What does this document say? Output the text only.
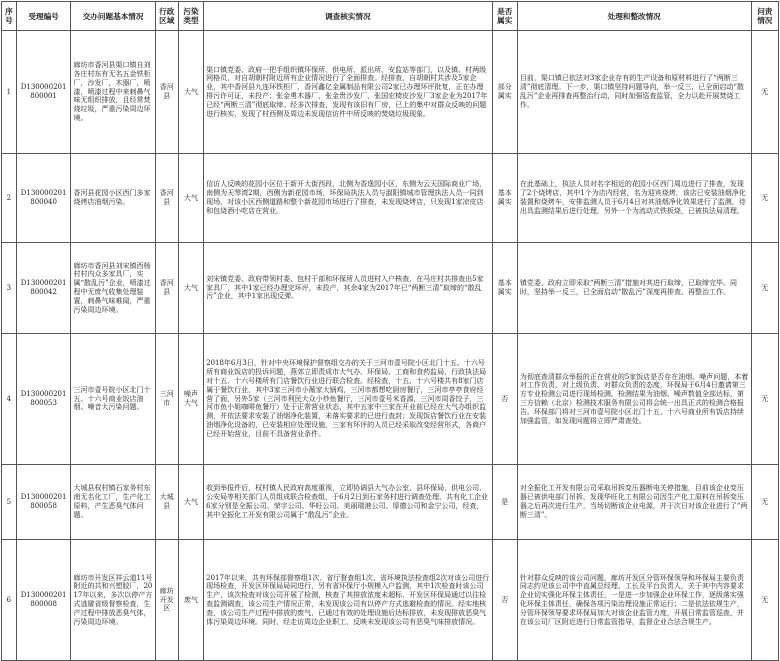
序号	受理编号	交办问题基本情况	行政区域	污染类型	调查核实情况	是否属实	处理和整改情况	问责情况
1	D130000201800001	廊坊市香河县渠口镇自刘各庄村东有无名五金铁柜厂，沙发厂，木器厂，喷漆，喷漆过程中来刺鼻气味无组织排放，且经常焚烧垃圾，严重污染周边环境。	香河县	大气	渠口镇党委、政府一把手组织镇环保所、供电所、派出所、安监站等部门，以及镇、村两级网格员，对自胡朝村附近所有企业情况进行了全面排查。经排查，自胡朝村共涉及5家企业，其中香河县九连环铁柜厂，香河鑫亿金属制品有限公司2家已办理环评批复，正在办理排污许可证，未投产；张金勇木器厂、张金贵沙发厂、张国宏椅皮沙发厂3家企业为2017年已经“两断三清”彻底取缔。经多次排查，发现有该旧有厂房，已上的集中对群众反映的问题进行核实，发现了村西侧及周边未发现信访件中所反映的焚烧垃圾现象。	部分属实	目前，渠口镇已依法对3家企业存有的生产设备和原材料进行了“两断三清”彻底清理。下一步，渠口镇坚持问题导向，举一反三，已全面启动“散乱污”企业再排查再整治行动，同时加强巡查监管，全力以赴开展焚烧工作。	无
2	D130000201800040	香河县花园小区西门多家烧烤店油烟污染。	香河县	大气	信访人反映的花园小区位于新开大街西段，北侧为香逸园小区，东侧为云天国际商业广场，南侧为天琴湾2期，西侧为新花园市场，环保局执法人员与淑阳镇城市管理执法人员一同到现场，对该小区西侧道路和整个新花园市场进行了排查，未发现烧烤店，只发现1家凉皮店和包烧酒小吃店在营业。	基本属实	在此基础上，执法人员对名字相近的花园小区西门周边进行了排查，发现了2个烧烤店，其中1个为店内经营，名为迎宾烧烤，该店已安装油烟净化装置和烧烤车，安排监测人员于6月4日对其油烟净化效果进行了监测，待出具监测结果后进行处理，另外一个为流动式铁板烧，已被执法局清理。	无
3	D130000201800042	廊坊市香河县刘宋镇西杨村村内众多家具厂，实属“散乱污”企业，喷漆过程中无废气收集处理装置，刺鼻气味难闻，严重污染周边环境。	香河县	大气	刘宋镇党委、政府带领村委、包村干部和环保所人员进村入户核查，在马庄村共排查出5家家具厂，其中1家已经办理完环评，未投产，其余4家为2017年已“两断三清”取缔的“散乱污”企业，其中1家出现反弹。	基本属实	镇党委、政府立即采取“两断三清”措施对其进行取缔，已取缔完毕。同时，坚持举一反三，已全面启动“散乱污”深度再排查、再整治工作。	无
4	D130000201800053	三河市壹号院小区北门十五、十六号商业饭店油烟、噪音大污染问题。	三河市	噪声大气	2018年6月3日，针对中央环境保护督察组交办的关于三河市壹号院小区北门十五、十六号所有商业饭店的投诉问题，燕郊立即责成市大气办、环保局、工商和食药监局，行政执法局对十五、十六号楼所有门店餐饮行业进行联合检查。经检查，十五、十六号楼共有8家门店属于餐饮行业，其中3家三河市小薇家大锅鸡，三河市都想吃厨房餐厅，三河市亭亭食府经营了面，另外5家（三河市利民大众小炒鱼餐厅，三河市壹号米香源，三河市周香饺子，三河市鱼小姐咖啡鱼餐厅）处于正常营业状态，其中五家中三家在开业前已经在大气办组织监测，并依法要求安装了油烟净化装置，未落实要求的已进行查封；发现饭店餐饮行业在安装油烟净化设备的，已安装相应处理设施，三家有环评的人员已经采取改变经营形式，各商户已经开始营业，目前不具备营业条件。	否	为彻底查清群众举报的正在营业的5家饭店是否存在油烟、噪声问题，本着对工作负责，对上级负责、对群众负责的态度，环保局于6月4日邀请第三方专业检测公司进行现场检测。检测结果为油烟、噪声数值全部达标，第三方信赖（北京）检测技术服务有限公司将会统一出具正式的检测合格报告。环保部门将对三河市壹号院小区北门十五、十六号商业所有饭店持续加强监管，如发现问题将立即严肃查处。	无
5	D130000201800058	大城县权村镇石家务村东南无名化工厂，生产化工原料，产生恶臭气体问题。	大城县	大气	收到举报件后，权村镇人民政府高度重视，立即协调县大气办公室、县环保局、供电公司、公安局等相关部门人员组成联合检查组，于6月2日到石家务村进行调查处理，共有化工企业6家分别是全振公司、荣宇公司、华旺公司、美丽瑞港公司、厚德公司和金宁公司，经查，其中全振化工开发有限公司属于“散乱污”企业。	是	对全振化工开发有限公司采取吊拆变压器断电关停措施，目前该企业变压器已被供电部门吊拆，发现华旺化工有限公司因生产化工原料在吊拆变压器之后再次进行生产，当场切断该企业电源，并于次日对该企业进行了“两断三清”。	无
6	D130000201800008	廊坊市开发区祥云道11号附近的共和兴塑胶厂，2017年以来，多次以停产方式逃避省级督察检查，生产过程中排放恶臭气体，污染周边环境。	廊坊开发区	废气	2017年以来，共有环保部督察组1次、省厅督查组1次、省环境执法检查组2次对该公司进行现场检查，开发区环保局局同进行，另有省环保厅小规模入户监测，其中1次检查时该公司生产，该次检查对该公司开展了检测，核查了其排放浓度未超标，开发区环保局通过以往检查监测调查，该公司生产情况正常，未发现该公司有以停产方式逃避检查的情况。经实地核查，该公司生产过程中排放的废气，已通过有效的处理设施后达标排放，未发现排放恶臭气体污染周边环境。同时，经走访周边企业职工，反映未发现该公司有恶臭气味排放情况。	否	针对群众反映的该公司问题，廊坊开发区分管环保领导和环保局主要负责同志约见该公司中中直属总经理、工长及平台负责人，关于其中内容要求企业切实强化环保主体责任，一是进一步加强企业环保工作，逐级落实强化环保主体责任，确保各项污染治理设施正常运行；二是依法依规生产，分管环保领导要求环保局加大对该企业监管力度，开展日常监管巡查，并在该公司厂区附近进行日常监管指导，监督企业合法合规生产。	无
